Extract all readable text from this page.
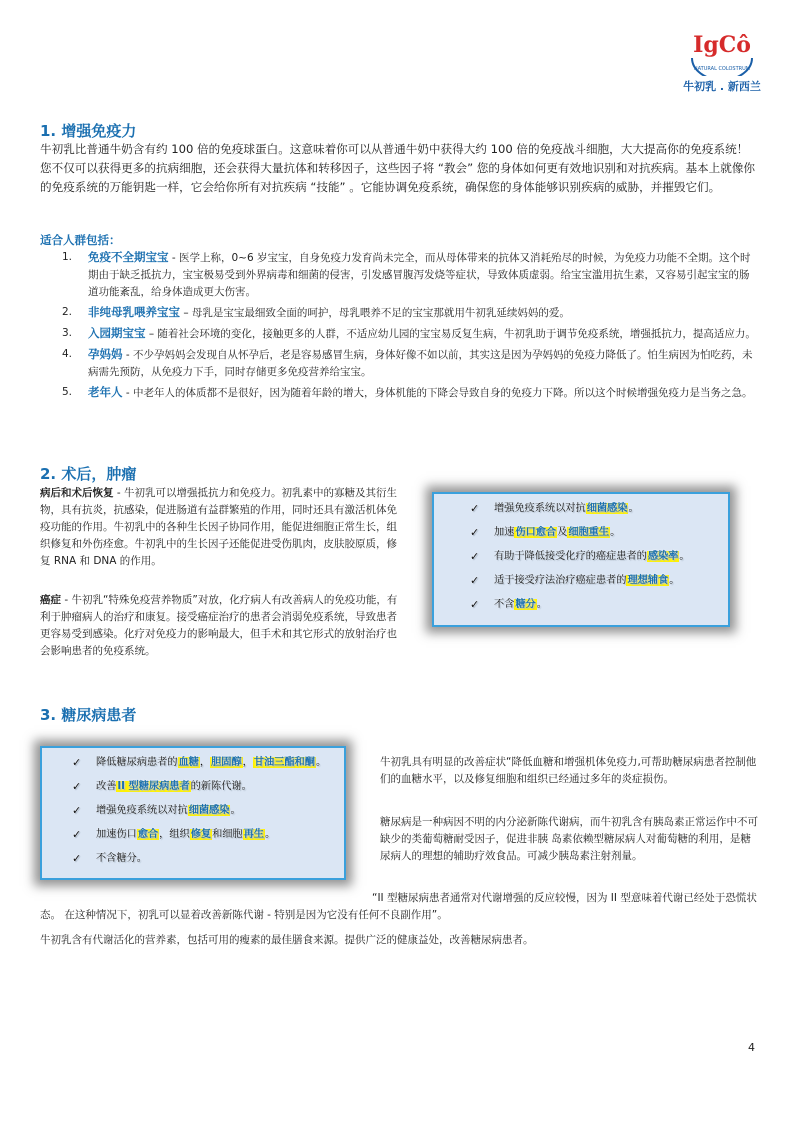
IgCô
NATURAL COLOSTRUM
牛初乳 . 新西兰
1. 增强免疫力

牛初乳比普通牛奶含有约 100 倍的免疫球蛋白。这意味着你可以从普通牛奶中获得大约 100 倍的免疫战斗细胞，大大提高你的免疫系统！您不仅可以获得更多的抗病细胞，还会获得大量抗体和转移因子，这些因子将 “教会” 您的身体如何更有效地识别和对抗疾病。基本上就像你的免疫系统的万能钥匙一样，它会给你所有对抗疾病 “技能” 。它能协调免疫系统，确保您的身体能够识别疾病的威胁，并摧毁它们。

适合人群包括：
1.	免疫不全期宝宝 - 医学上称，0~6 岁宝宝，自身免疫力发育尚未完全，而从母体带来的抗体又消耗殆尽的时候，为免疫力功能不全期。这个时期由于缺乏抵抗力，宝宝极易受到外界病毒和细菌的侵害，引发感冒腹泻发烧等症状，导致体质虚弱。给宝宝滥用抗生素，又容易引起宝宝的肠道功能紊乱，给身体造成更大伤害。
2.	非纯母乳喂养宝宝 – 母乳是宝宝最细致全面的呵护，母乳喂养不足的宝宝那就用牛初乳延续妈妈的爱。
3.	入园期宝宝 – 随着社会环境的变化，接触更多的人群，不适应幼儿园的宝宝易反复生病，牛初乳助于调节免疫系统，增强抵抗力，提高适应力。
4.	孕妈妈 - 不少孕妈妈会发现自从怀孕后，老是容易感冒生病，身体好像不如以前，其实这是因为孕妈妈的免疫力降低了。怕生病因为怕吃药，未病需先预防，从免疫力下手，同时存储更多免疫营养给宝宝。
5.	老年人 - 中老年人的体质都不是很好，因为随着年龄的增大，身体机能的下降会导致自身的免疫力下降。所以这个时候增强免疫力是当务之急。
2. 术后，肿瘤

病后和术后恢复 - 牛初乳可以增强抵抗力和免疫力。初乳素中的寡糖及其衍生物，具有抗炎，抗感染，促进肠道有益群繁殖的作用，同时还具有激活机体免疫功能的作用。牛初乳中的各种生长因子协同作用，能促进细胞正常生长，组织修复和外伤痊愈。牛初乳中的生长因子还能促进受伤肌肉，皮肤胶原质，修复 RNA 和 DNA 的作用。

癌症 - 牛初乳“特殊免疫营养物质”对放，化疗病人有改善病人的免疫功能，有利于肿瘤病人的治疗和康复。接受癌症治疗的患者会消弱免疫系统，导致患者更容易受到感染。化疗对免疫力的影响最大，但手术和其它形式的放射治疗也会影响患者的免疫系统。

✓ 增强免疫系统以对抗细菌感染。
✓ 加速伤口愈合及细胞重生。
✓ 有助于降低接受化疗的癌症患者的感染率。
✓ 适于接受疗法治疗癌症患者的理想辅食。
✓ 不含糖分。
3. 糖尿病患者
✓ 降低糖尿病患者的血糖，胆固醇，甘油三酯和酮。
✓ 改善II 型糖尿病患者的新陈代谢。
✓ 增强免疫系统以对抗细菌感染。
✓ 加速伤口愈合，组织修复和细胞再生。
✓ 不含糖分。

牛初乳具有明显的改善症状“降低血糖和增强机体免疫力,可帮助糖尿病患者控制他们的血糖水平，以及修复细胞和组织已经通过多年的炎症损伤。

糖尿病是一种病因不明的内分泌新陈代谢病，而牛初乳含有胰岛素正常运作中不可缺少的类葡萄糖耐受因子，促进非胰 岛素依赖型糖尿病人对葡萄糖的利用，是糖尿病人的理想的辅助疗效食品。可减少胰岛素注射剂量。

“II 型糖尿病患者通常对代谢增强的反应较慢，因为 II 型意味着代谢已经处于恐慌状态。 在这种情况下，初乳可以显着改善新陈代谢 - 特别是因为它没有任何不良副作用”。

牛初乳含有代谢活化的营养素，包括可用的瘦素的最佳膳食来源。提供广泛的健康益处，改善糖尿病患者。

4
